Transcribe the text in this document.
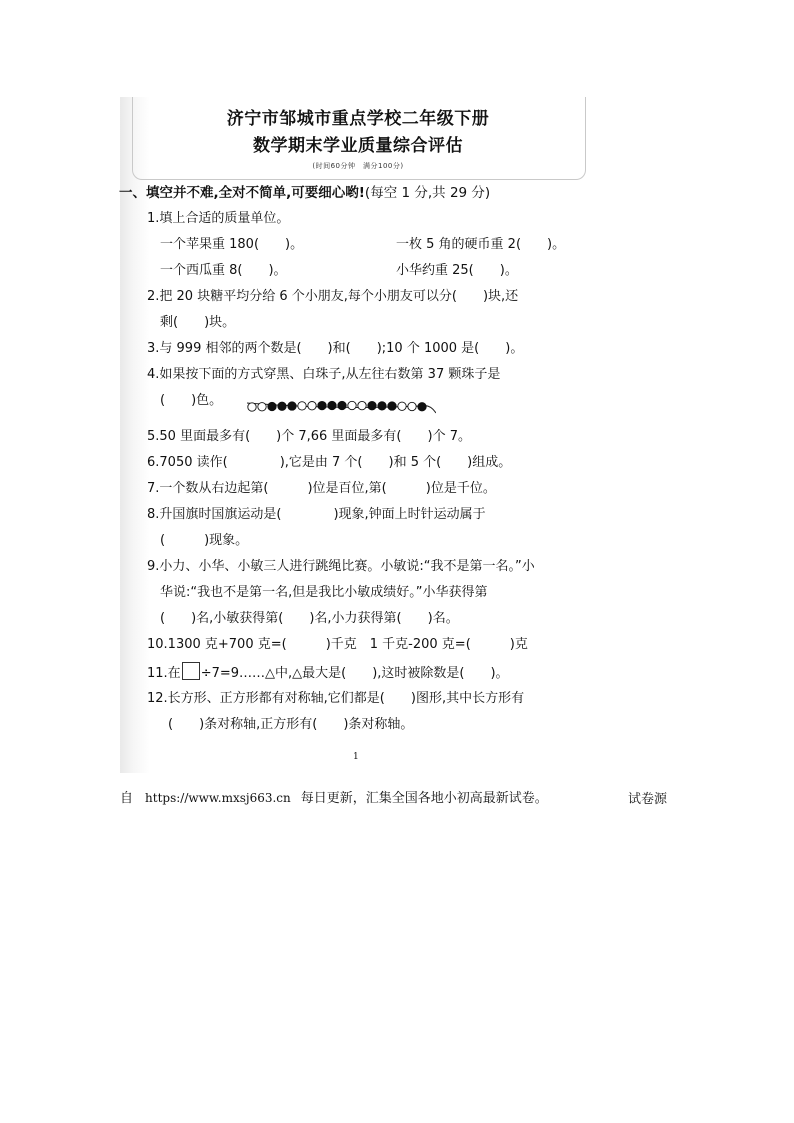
济宁市邹城市重点学校二年级下册
数学期末学业质量综合评估
(时间60分钟　满分100分)
一、填空并不难,全对不简单,可要细心哟!(每空 1 分,共 29 分)
1.填上合适的质量单位。
一个苹果重 180(　　)。	一枚 5 角的硬币重 2(　　)。
一个西瓜重 8(　　)。	小华约重 25(　　)。
2.把 20 块糖平均分给 6 个小朋友,每个小朋友可以分(　　)块,还
剩(　　)块。
3.与 999 相邻的两个数是(　　)和(　　);10 个 1000 是(　　)。
4.如果按下面的方式穿黑、白珠子,从左往右数第 37 颗珠子是
(　　)色。
5.50 里面最多有(　　)个 7,66 里面最多有(　　)个 7。
6.7050 读作(　　　　),它是由 7 个(　　)和 5 个(　　)组成。
7.一个数从右边起第(　　　)位是百位,第(　　　)位是千位。
8.升国旗时国旗运动是(　　　　)现象,钟面上时针运动属于
(　　　)现象。
9.小力、小华、小敏三人进行跳绳比赛。小敏说:“我不是第一名。”小
华说:“我也不是第一名,但是我比小敏成绩好。”小华获得第
(　　)名,小敏获得第(　　)名,小力获得第(　　)名。
10.1300 克+700 克=(　　　)千克　1 千克-200 克=(　　　)克
11.在 ÷7=9……△中,△最大是(　　),这时被除数是(　　)。
12.长方形、正方形都有对称轴,它们都是(　　)图形,其中长方形有
(　　)条对称轴,正方形有(　　)条对称轴。
1
试卷源
自 https://www.mxsj663.cn 每日更新，汇集全国各地小初高最新试卷。
